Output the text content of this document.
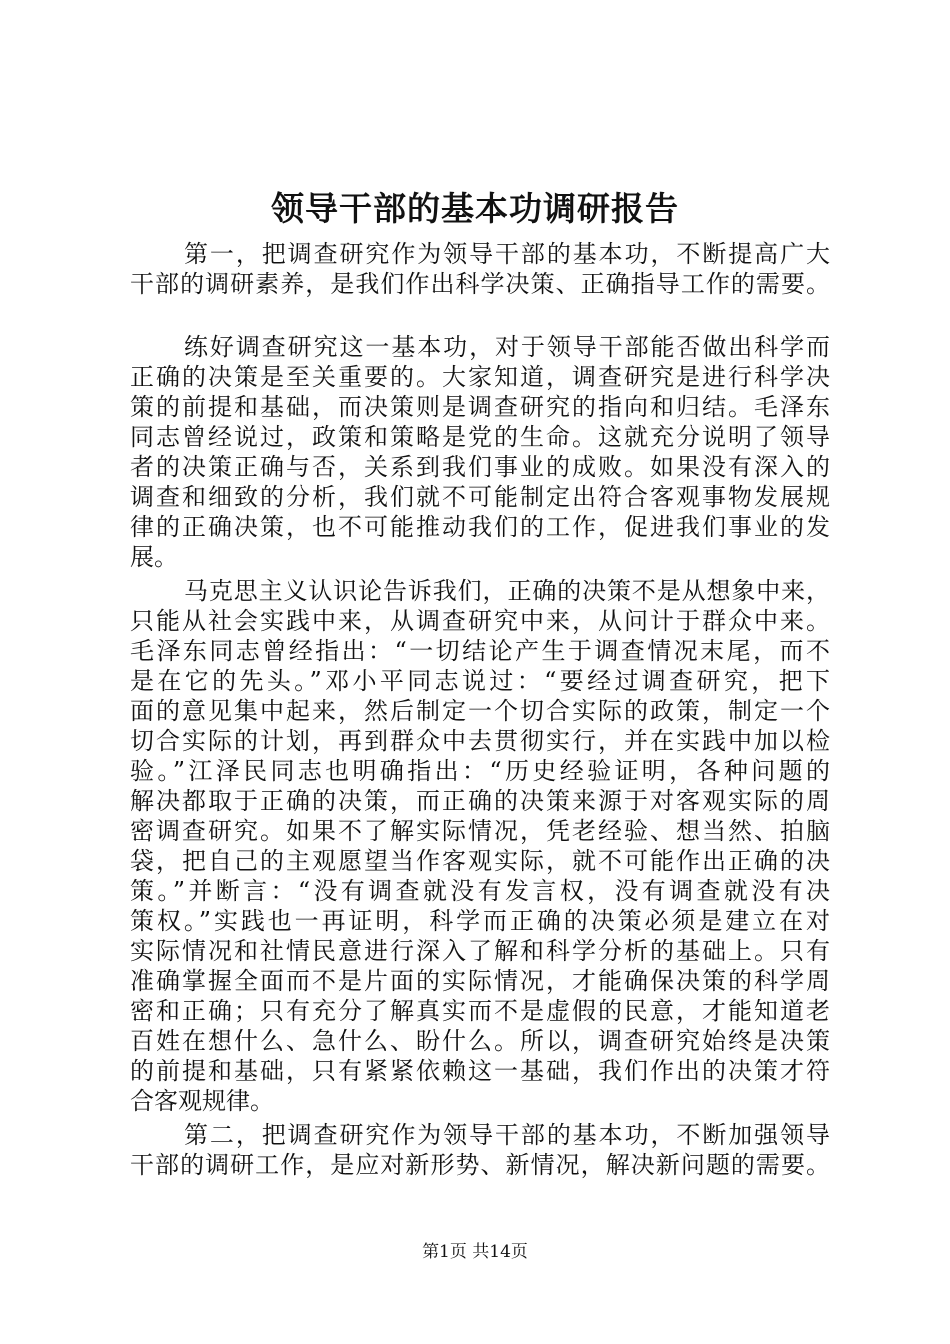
领导干部的基本功调研报告
第一，把调查研究作为领导干部的基本功，不断提高广大
干部的调研素养，是我们作出科学决策、正确指导工作的需要。
练好调查研究这一基本功，对于领导干部能否做出科学而
正确的决策是至关重要的。大家知道，调查研究是进行科学决
策的前提和基础，而决策则是调查研究的指向和归结。毛泽东
同志曾经说过，政策和策略是党的生命。这就充分说明了领导
者的决策正确与否，关系到我们事业的成败。如果没有深入的
调查和细致的分析，我们就不可能制定出符合客观事物发展规
律的正确决策，也不可能推动我们的工作，促进我们事业的发
展。
马克思主义认识论告诉我们，正确的决策不是从想象中来，
只能从社会实践中来，从调查研究中来，从问计于群众中来。
毛泽东同志曾经指出：“一切结论产生于调查情况末尾，而不
是在它的先头。”邓小平同志说过：“要经过调查研究，把下
面的意见集中起来，然后制定一个切合实际的政策，制定一个
切合实际的计划，再到群众中去贯彻实行，并在实践中加以检
验。”江泽民同志也明确指出：“历史经验证明，各种问题的
解决都取于正确的决策，而正确的决策来源于对客观实际的周
密调查研究。如果不了解实际情况，凭老经验、想当然、拍脑
袋，把自己的主观愿望当作客观实际，就不可能作出正确的决
策。”并断言：“没有调查就没有发言权，没有调查就没有决
策权。”实践也一再证明，科学而正确的决策必须是建立在对
实际情况和社情民意进行深入了解和科学分析的基础上。只有
准确掌握全面而不是片面的实际情况，才能确保决策的科学周
密和正确；只有充分了解真实而不是虚假的民意，才能知道老
百姓在想什么、急什么、盼什么。所以，调查研究始终是决策
的前提和基础，只有紧紧依赖这一基础，我们作出的决策才符
合客观规律。
第二，把调查研究作为领导干部的基本功，不断加强领导
干部的调研工作，是应对新形势、新情况，解决新问题的需要。
第1页 共14页
